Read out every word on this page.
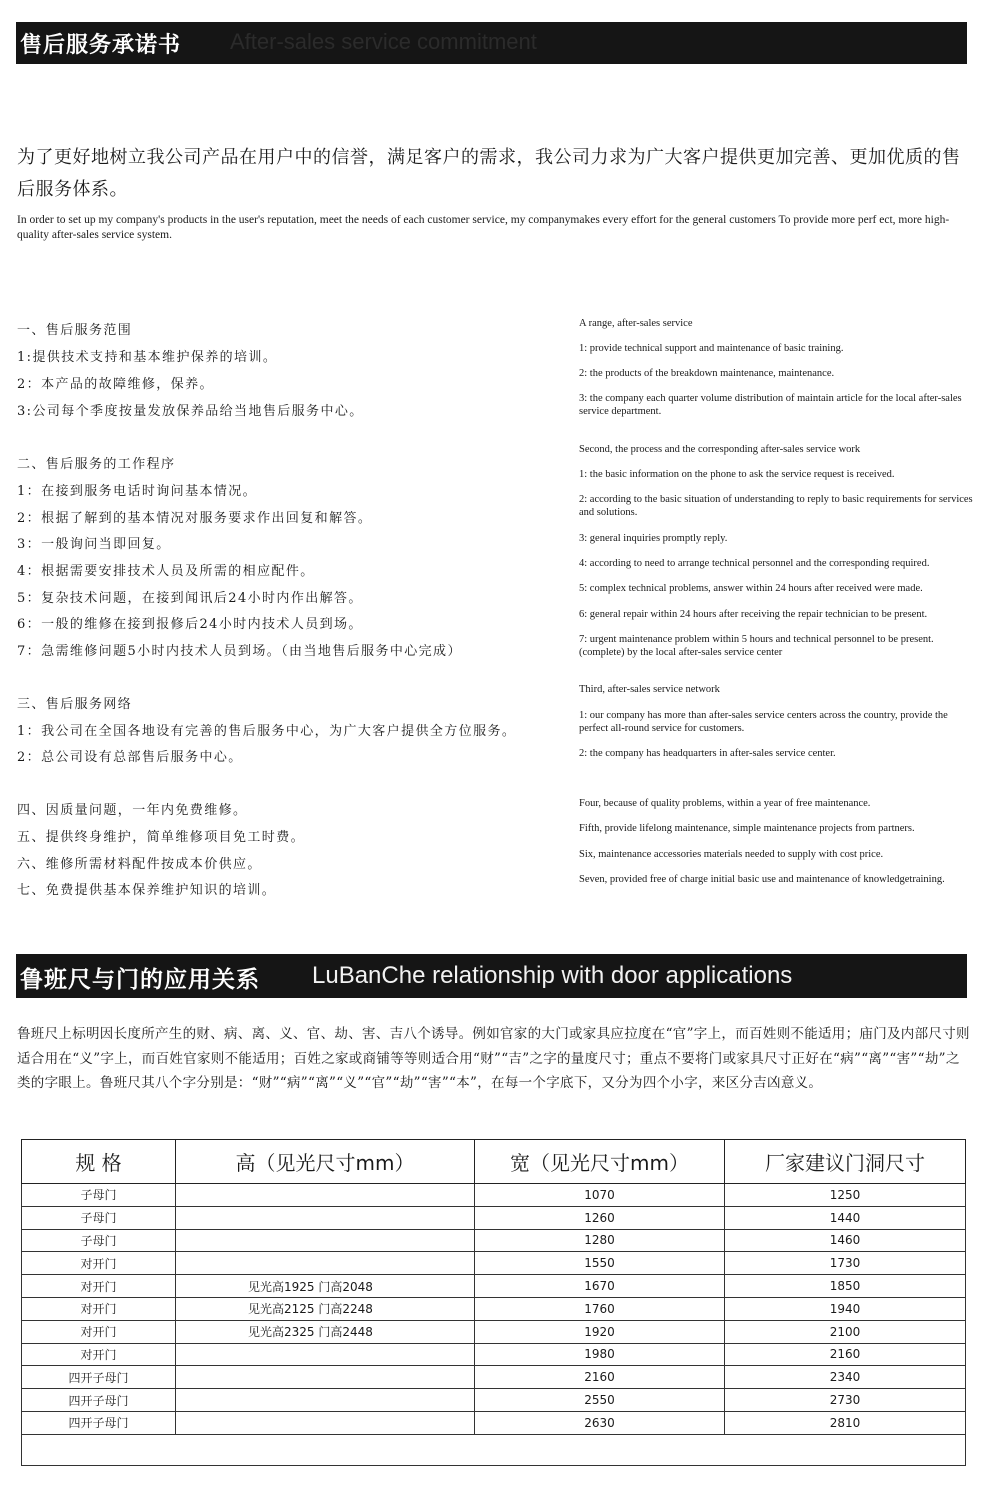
售后服务承诺书 After-sales service commitment

为了更好地树立我公司产品在用户中的信誉，满足客户的需求，我公司力求为广大客户提供更加完善、更加优质的售后服务体系。

In order to set up my company's products in the user's reputation, meet the needs of each customer service, my companymakes every effort for the general customers To provide more perf ect, more high-quality after-sales service system.

一、售后服务范围

1:提供技术支持和基本维护保养的培训。

2：本产品的故障维修，保养。

3:公司每个季度按量发放保养品给当地售后服务中心。

二、售后服务的工作程序

1：在接到服务电话时询问基本情况。

2：根据了解到的基本情况对服务要求作出回复和解答。

3：一般询问当即回复。

4：根据需要安排技术人员及所需的相应配件。

5：复杂技术问题，在接到闻讯后24小时内作出解答。

6：一般的维修在接到报修后24小时内技术人员到场。

7：急需维修问题5小时内技术人员到场。（由当地售后服务中心完成）

三、售后服务网络

1：我公司在全国各地设有完善的售后服务中心，为广大客户提供全方位服务。

2：总公司设有总部售后服务中心。

四、因质量问题，一年内免费维修。

五、提供终身维护，简单维修项目免工时费。

六、维修所需材料配件按成本价供应。

七、免费提供基本保养维护知识的培训。

A range, after-sales service

1: provide technical support and maintenance of basic training.

2: the products of the breakdown maintenance, maintenance.

3: the company each quarter volume distribution of maintain article for the local after-sales service department.

Second, the process and the corresponding after-sales service work

1: the basic information on the phone to ask the service request is received.

2: according to the basic situation of understanding to reply to basic requirements for services and solutions.

3: general inquiries promptly reply.

4: according to need to arrange technical personnel and the corresponding required.

5: complex technical problems, answer within 24 hours after received were made.

6: general repair within 24 hours after receiving the repair technician to be present.

7: urgent maintenance problem within 5 hours and technical personnel to be present. (complete) by the local after-sales service center

Third, after-sales service network

1: our company has more than after-sales service centers across the country, provide the perfect all-round service for customers.

2: the company has headquarters in after-sales service center.

Four, because of quality problems, within a year of free maintenance.

Fifth, provide lifelong maintenance, simple maintenance projects from partners.

Six, maintenance accessories materials needed to supply with cost price.

Seven, provided free of charge initial basic use and maintenance of knowledgetraining.

鲁班尺与门的应用关系 LuBanChe relationship with door applications

鲁班尺上标明因长度所产生的财、病、离、义、官、劫、害、吉八个诱导。例如官家的大门或家具应拉度在“官”字上，而百姓则不能适用；庙门及内部尺寸则适合用在“义”字上，而百姓官家则不能适用；百姓之家或商铺等等则适合用“财”“吉”之字的量度尺寸；重点不要将门或家具尺寸正好在“病”“离”“害”“劫”之类的字眼上。鲁班尺其八个字分别是：“财”“病”“离”“义”“官”“劫”“害”“本”，在每一个字底下，又分为四个小字，来区分吉凶意义。

规 格	高（见光尺寸mm）	宽（见光尺寸mm）	厂家建议门洞尺寸
子母门		1070	1250
子母门		1260	1440
子母门		1280	1460
对开门		1550	1730
对开门	见光高1925 门高2048	1670	1850
对开门	见光高2125 门高2248	1760	1940
对开门	见光高2325 门高2448	1920	2100
对开门		1980	2160
四开子母门		2160	2340
四开子母门		2550	2730
四开子母门		2630	2810
